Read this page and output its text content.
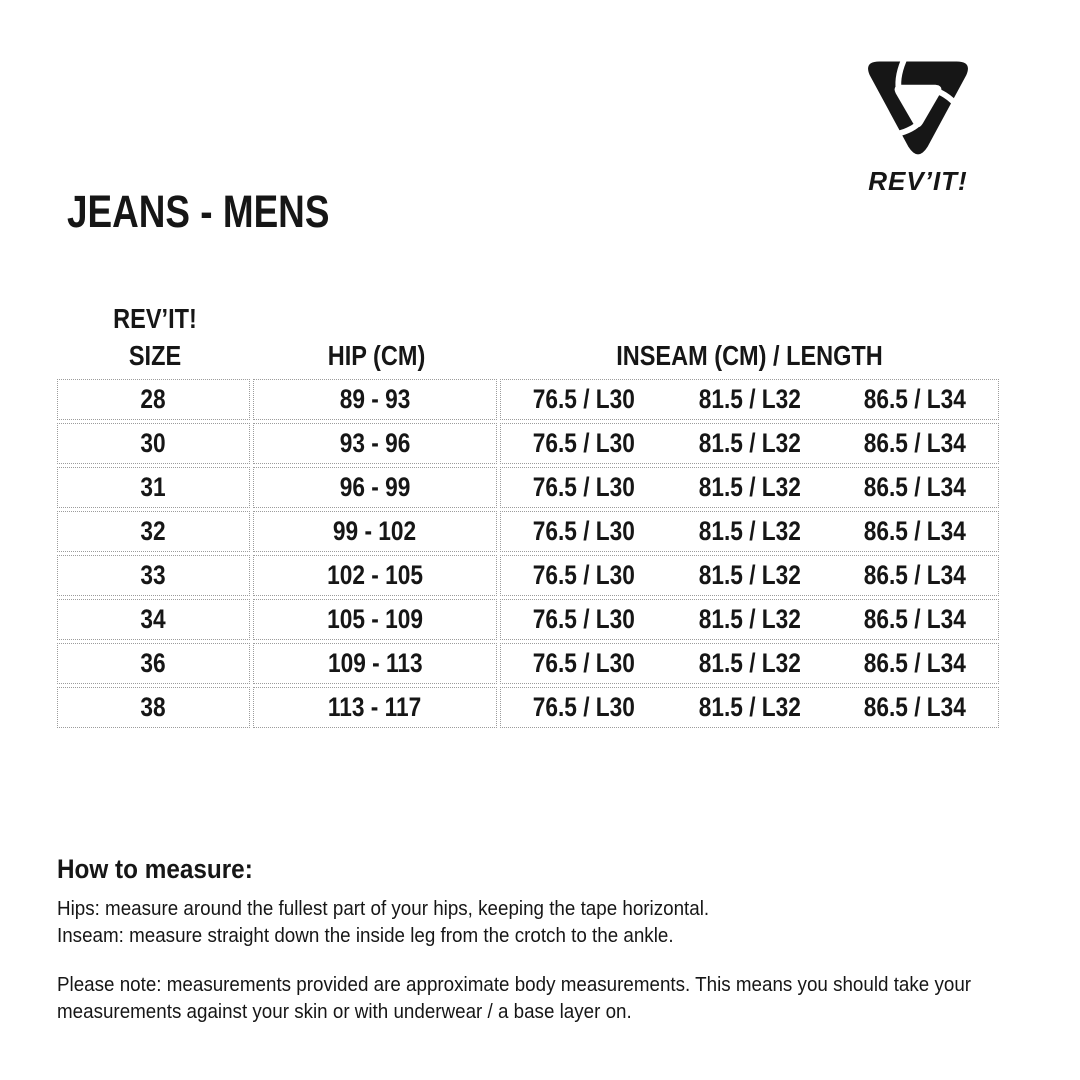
REV’IT!
JEANS - MENS
REV’IT!
SIZE	HIP (CM)	INSEAM (CM) / LENGTH
28	89 - 93	76.5 / L30 81.5 / L32 86.5 / L34

30	93 - 96	76.5 / L30 81.5 / L32 86.5 / L34

31	96 - 99	76.5 / L30 81.5 / L32 86.5 / L34

32	99 - 102	76.5 / L30 81.5 / L32 86.5 / L34

33	102 - 105	76.5 / L30 81.5 / L32 86.5 / L34

34	105 - 109	76.5 / L30 81.5 / L32 86.5 / L34

36	109 - 113	76.5 / L30 81.5 / L32 86.5 / L34

38	113 - 117	76.5 / L30 81.5 / L32 86.5 / L34
How to measure:
Hips: measure around the fullest part of your hips, keeping the tape horizontal.
Inseam: measure straight down the inside leg from the crotch to the ankle.
Please note: measurements provided are approximate body measurements. This means you should take your
measurements against your skin or with underwear / a base layer on.
